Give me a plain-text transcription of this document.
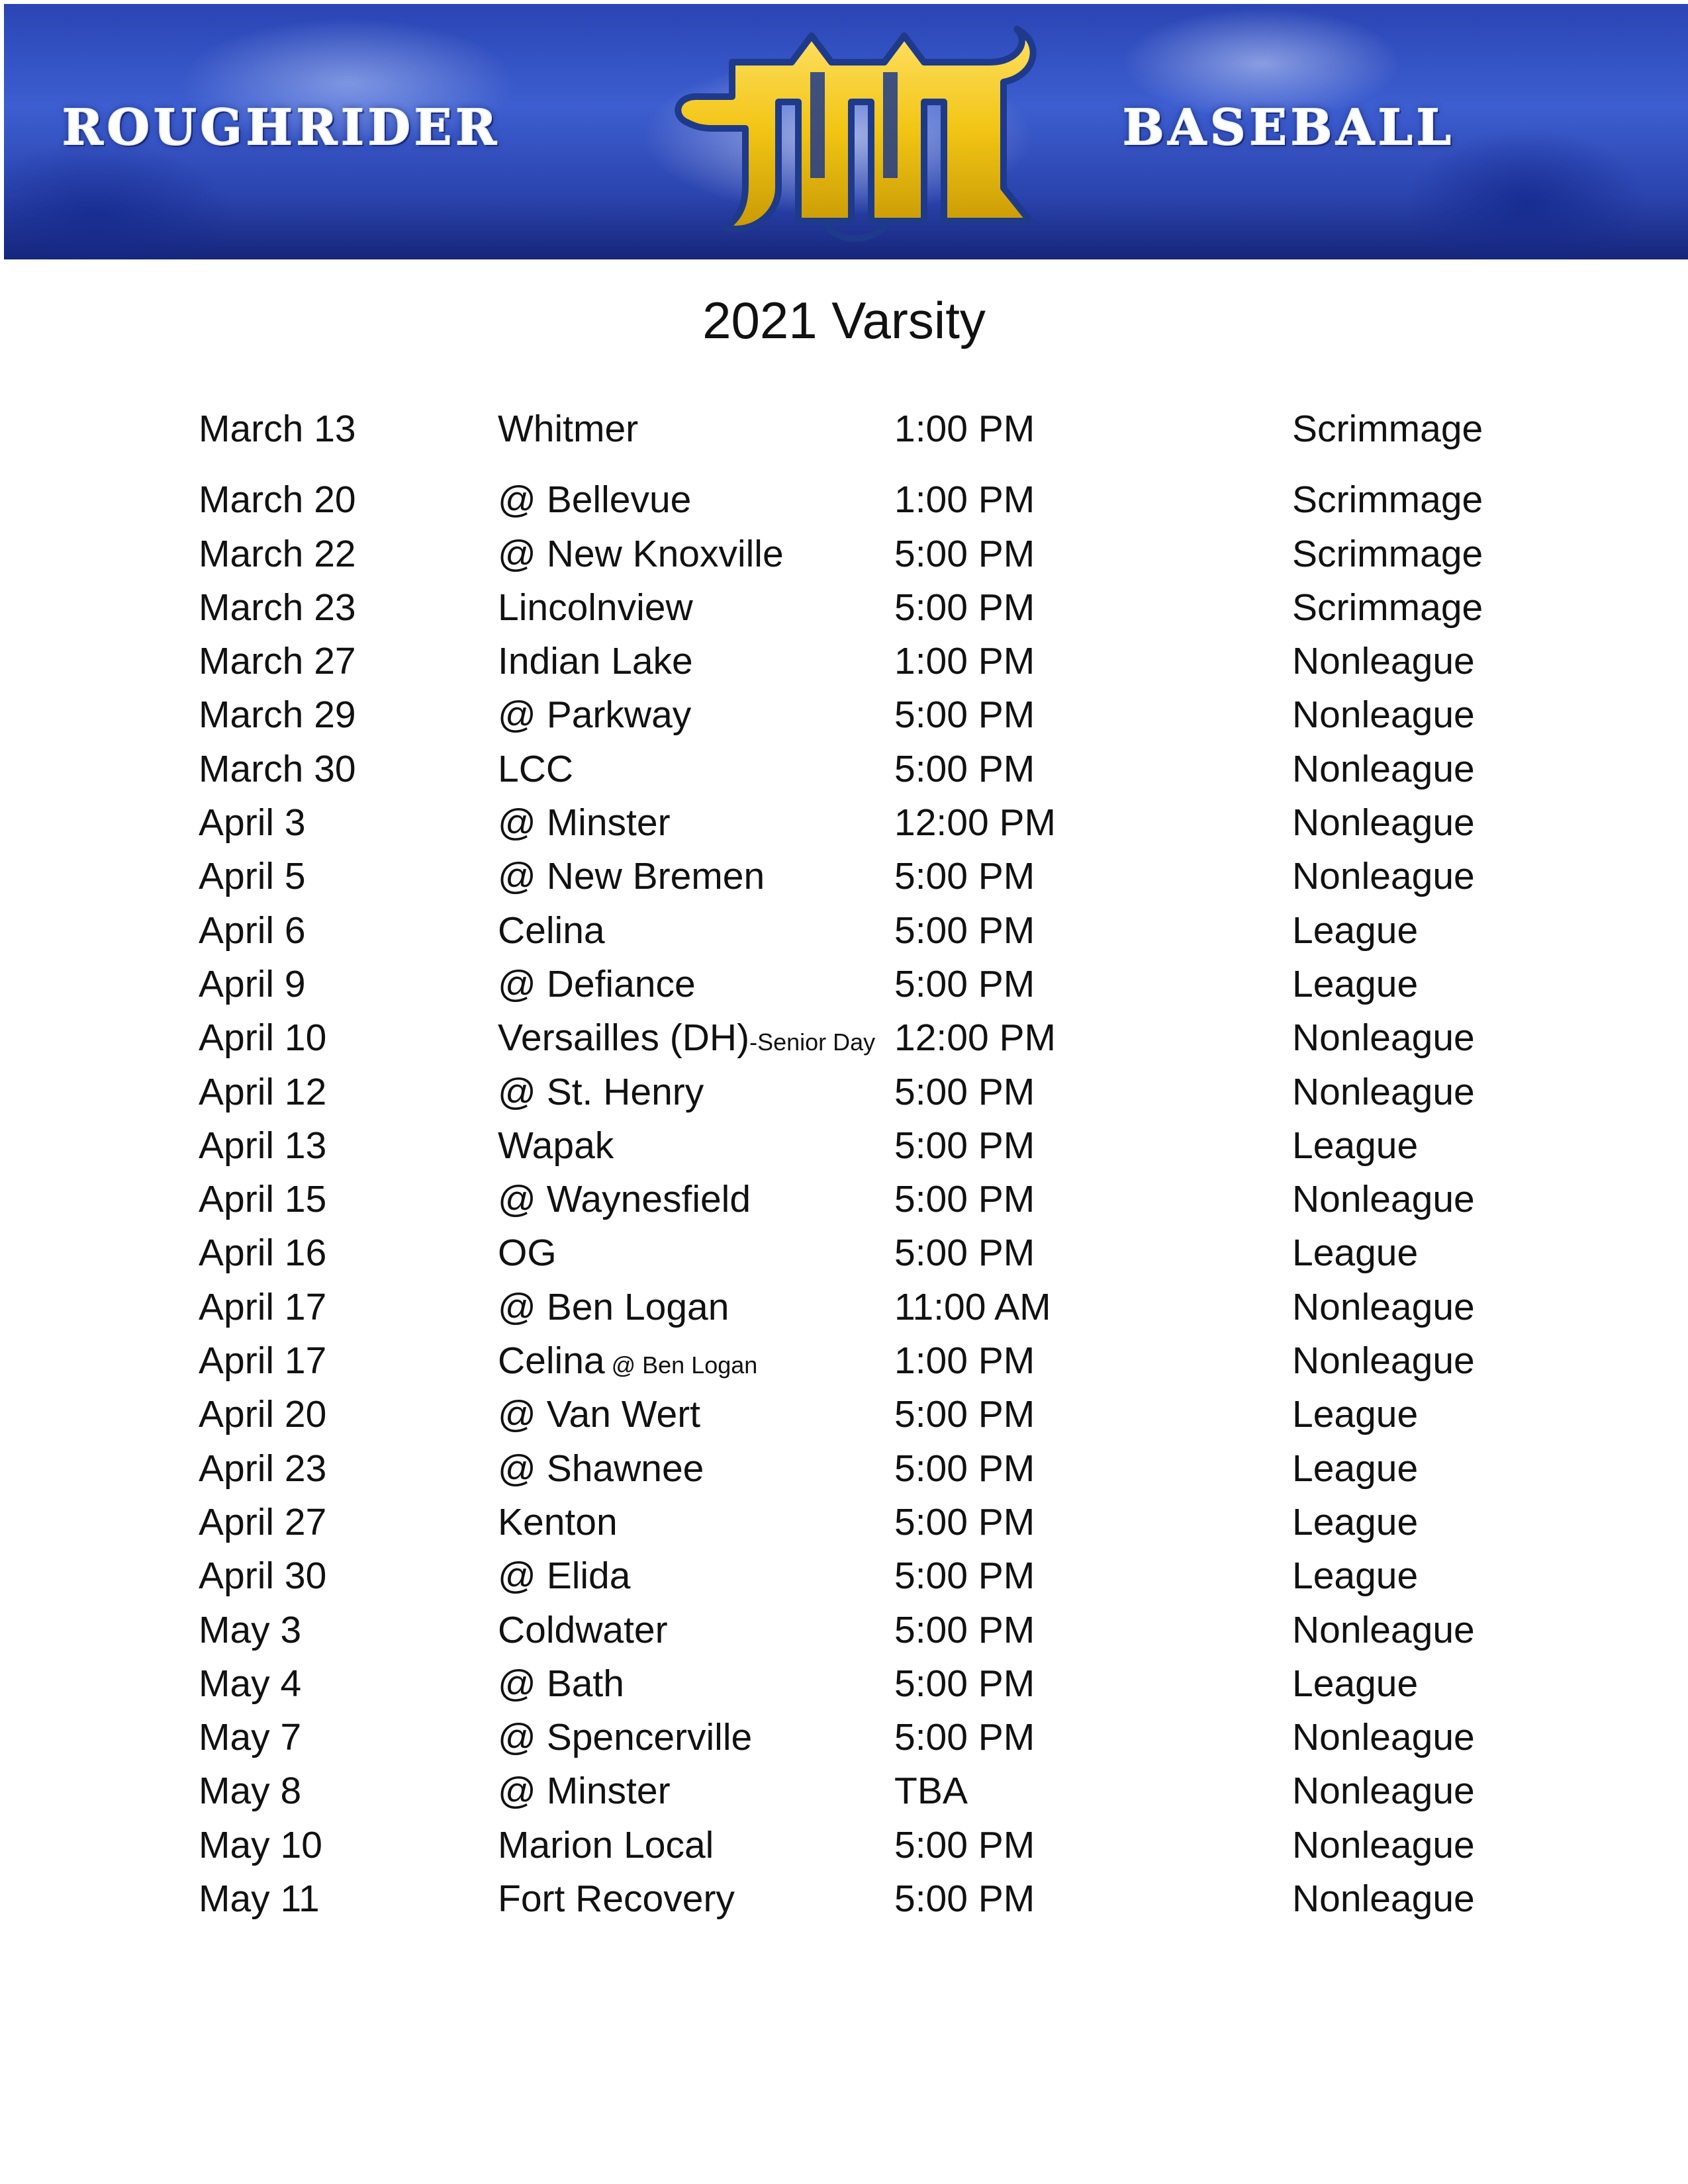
ROUGHRIDER	BASEBALL
2021 Varsity
March 13	Whitmer	1:00 PM	Scrimmage
March 20	@ Bellevue	1:00 PM	Scrimmage
March 22	@ New Knoxville	5:00 PM	Scrimmage
March 23	Lincolnview	5:00 PM	Scrimmage
March 27	Indian Lake	1:00 PM	Nonleague
March 29	@ Parkway	5:00 PM	Nonleague
March 30	LCC	5:00 PM	Nonleague
April 3	@ Minster	12:00 PM	Nonleague
April 5	@ New Bremen	5:00 PM	Nonleague
April 6	Celina	5:00 PM	League
April 9	@ Defiance	5:00 PM	League
April 10	Versailles (DH)-Senior Day 12:00 PM	Nonleague
April 12	@ St. Henry	5:00 PM	Nonleague
April 13	Wapak	5:00 PM	League
April 15	@ Waynesfield	5:00 PM	Nonleague
April 16	OG	5:00 PM	League
April 17	@ Ben Logan	11:00 AM	Nonleague
April 17	Celina @ Ben Logan	1:00 PM	Nonleague
April 20	@ Van Wert	5:00 PM	League
April 23	@ Shawnee	5:00 PM	League
April 27	Kenton	5:00 PM	League
April 30	@ Elida	5:00 PM	League
May 3	Coldwater	5:00 PM	Nonleague
May 4	@ Bath	5:00 PM	League
May 7	@ Spencerville	5:00 PM	Nonleague
May 8	@ Minster	TBA	Nonleague
May 10	Marion Local	5:00 PM	Nonleague
May 11	Fort Recovery	5:00 PM	Nonleague
